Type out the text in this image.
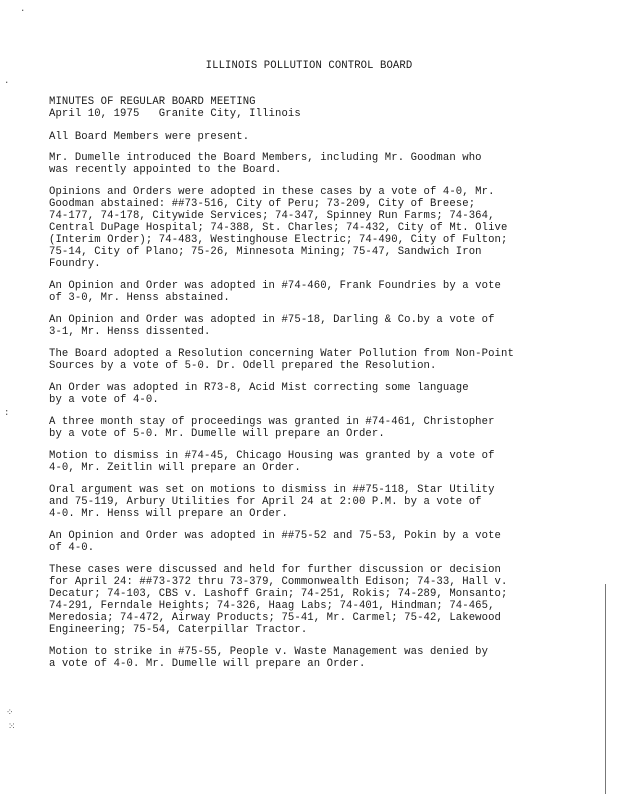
·
·
:
⁘
⁙
ILLINOIS POLLUTION CONTROL BOARD
MINUTES OF REGULAR BOARD MEETING
April 10, 1975   Granite City, Illinois
All Board Members were present.
Mr. Dumelle introduced the Board Members, including Mr. Goodman who
was recently appointed to the Board.
Opinions and Orders were adopted in these cases by a vote of 4-0, Mr.
Goodman abstained: ##73-516, City of Peru; 73-209, City of Breese;
74-177, 74-178, Citywide Services; 74-347, Spinney Run Farms; 74-364,
Central DuPage Hospital; 74-388, St. Charles; 74-432, City of Mt. Olive
(Interim Order); 74-483, Westinghouse Electric; 74-490, City of Fulton;
75-14, City of Plano; 75-26, Minnesota Mining; 75-47, Sandwich Iron
Foundry.
An Opinion and Order was adopted in #74-460, Frank Foundries by a vote
of 3-0, Mr. Henss abstained.
An Opinion and Order was adopted in #75-18, Darling & Co.by a vote of
3-1, Mr. Henss dissented.
The Board adopted a Resolution concerning Water Pollution from Non-Point
Sources by a vote of 5-0. Dr. Odell prepared the Resolution.
An Order was adopted in R73-8, Acid Mist correcting some language
by a vote of 4-0.
A three month stay of proceedings was granted in #74-461, Christopher
by a vote of 5-0. Mr. Dumelle will prepare an Order.
Motion to dismiss in #74-45, Chicago Housing was granted by a vote of
4-0, Mr. Zeitlin will prepare an Order.
Oral argument was set on motions to dismiss in ##75-118, Star Utility
and 75-119, Arbury Utilities for April 24 at 2:00 P.M. by a vote of
4-0. Mr. Henss will prepare an Order.
An Opinion and Order was adopted in ##75-52 and 75-53, Pokin by a vote
of 4-0.
These cases were discussed and held for further discussion or decision
for April 24: ##73-372 thru 73-379, Commonwealth Edison; 74-33, Hall v.
Decatur; 74-103, CBS v. Lashoff Grain; 74-251, Rokis; 74-289, Monsanto;
74-291, Ferndale Heights; 74-326, Haag Labs; 74-401, Hindman; 74-465,
Meredosia; 74-472, Airway Products; 75-41, Mr. Carmel; 75-42, Lakewood
Engineering; 75-54, Caterpillar Tractor.
Motion to strike in #75-55, People v. Waste Management was denied by
a vote of 4-0. Mr. Dumelle will prepare an Order.
